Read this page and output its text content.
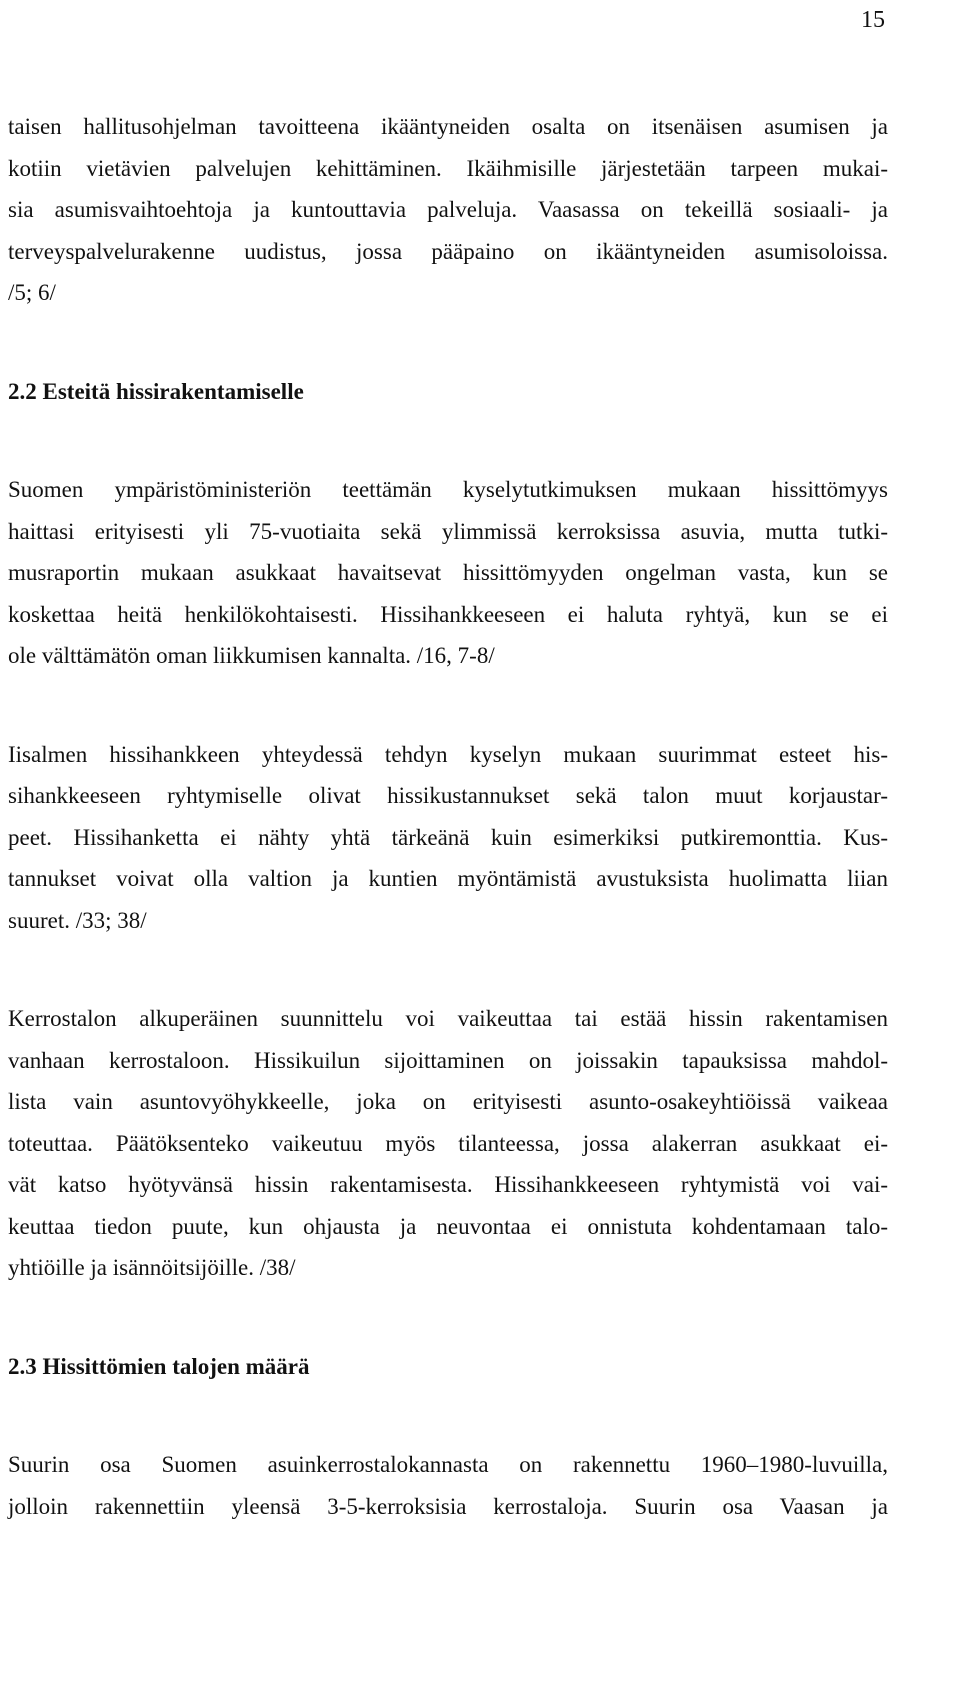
15
taisen hallitusohjelman tavoitteena ikääntyneiden osalta on itsenäisen asumisen ja
kotiin vietävien palvelujen kehittäminen. Ikäihmisille järjestetään tarpeen mukai-
sia asumisvaihtoehtoja ja kuntouttavia palveluja. Vaasassa on tekeillä sosiaali- ja
terveyspalvelurakenne uudistus, jossa pääpaino on ikääntyneiden asumisoloissa.
/5; 6/
2.2 Esteitä hissirakentamiselle
Suomen ympäristöministeriön teettämän kyselytutkimuksen mukaan hissittömyys
haittasi erityisesti yli 75-vuotiaita sekä ylimmissä kerroksissa asuvia, mutta tutki-
musraportin mukaan asukkaat havaitsevat hissittömyyden ongelman vasta, kun se
koskettaa heitä henkilökohtaisesti. Hissihankkeeseen ei haluta ryhtyä, kun se ei
ole välttämätön oman liikkumisen kannalta. /16, 7-8/
Iisalmen hissihankkeen yhteydessä tehdyn kyselyn mukaan suurimmat esteet his-
sihankkeeseen ryhtymiselle olivat hissikustannukset sekä talon muut korjaustar-
peet. Hissihanketta ei nähty yhtä tärkeänä kuin esimerkiksi putkiremonttia. Kus-
tannukset voivat olla valtion ja kuntien myöntämistä avustuksista huolimatta liian
suuret. /33; 38/
Kerrostalon alkuperäinen suunnittelu voi vaikeuttaa tai estää hissin rakentamisen
vanhaan kerrostaloon. Hissikuilun sijoittaminen on joissakin tapauksissa mahdol-
lista vain asuntovyöhykkeelle, joka on erityisesti asunto-osakeyhtiöissä vaikeaa
toteuttaa. Päätöksenteko vaikeutuu myös tilanteessa, jossa alakerran asukkaat ei-
vät katso hyötyvänsä hissin rakentamisesta. Hissihankkeeseen ryhtymistä voi vai-
keuttaa tiedon puute, kun ohjausta ja neuvontaa ei onnistuta kohdentamaan talo-
yhtiöille ja isännöitsijöille. /38/
2.3 Hissittömien talojen määrä
Suurin osa Suomen asuinkerrostalokannasta on rakennettu 1960–1980-luvuilla,
jolloin rakennettiin yleensä 3-5-kerroksisia kerrostaloja. Suurin osa Vaasan ja
